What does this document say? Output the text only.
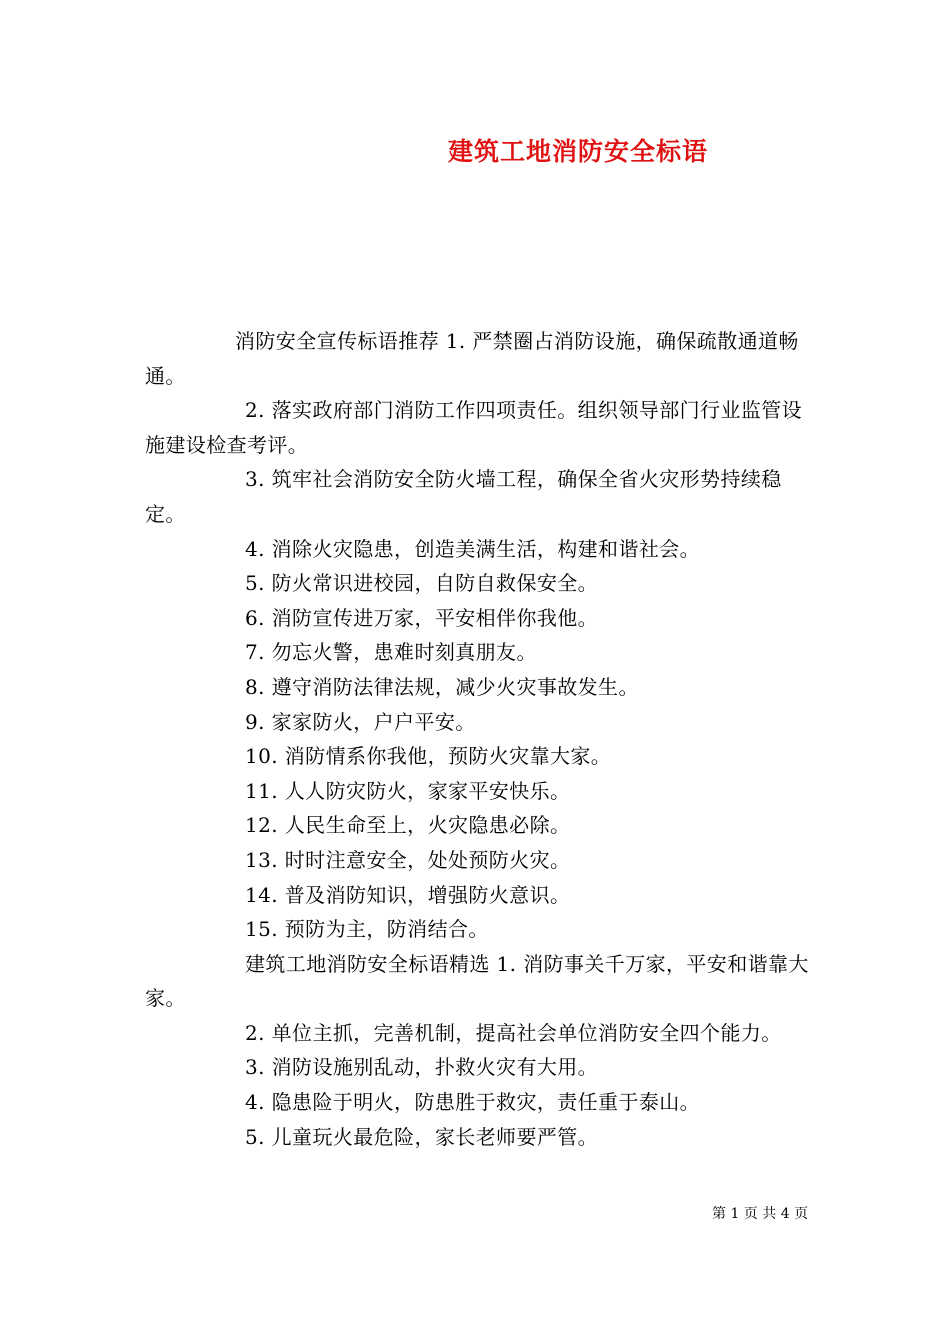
建筑工地消防安全标语

消防安全宣传标语推荐 1. 严禁圈占消防设施，确保疏散通道畅通。

2. 落实政府部门消防工作四项责任。组织领导部门行业监管设施建设检查考评。

3. 筑牢社会消防安全防火墙工程，确保全省火灾形势持续稳定。

4. 消除火灾隐患，创造美满生活，构建和谐社会。

5. 防火常识进校园，自防自救保安全。

6. 消防宣传进万家，平安相伴你我他。

7. 勿忘火警，患难时刻真朋友。

8. 遵守消防法律法规，减少火灾事故发生。

9. 家家防火，户户平安。

10. 消防情系你我他，预防火灾靠大家。

11. 人人防灾防火，家家平安快乐。

12. 人民生命至上，火灾隐患必除。

13. 时时注意安全，处处预防火灾。

14. 普及消防知识，增强防火意识。

15. 预防为主，防消结合。

建筑工地消防安全标语精选 1. 消防事关千万家，平安和谐靠大家。

2. 单位主抓，完善机制，提高社会单位消防安全四个能力。

3. 消防设施别乱动，扑救火灾有大用。

4. 隐患险于明火，防患胜于救灾，责任重于泰山。

5. 儿童玩火最危险，家长老师要严管。

第 1 页 共 4 页
